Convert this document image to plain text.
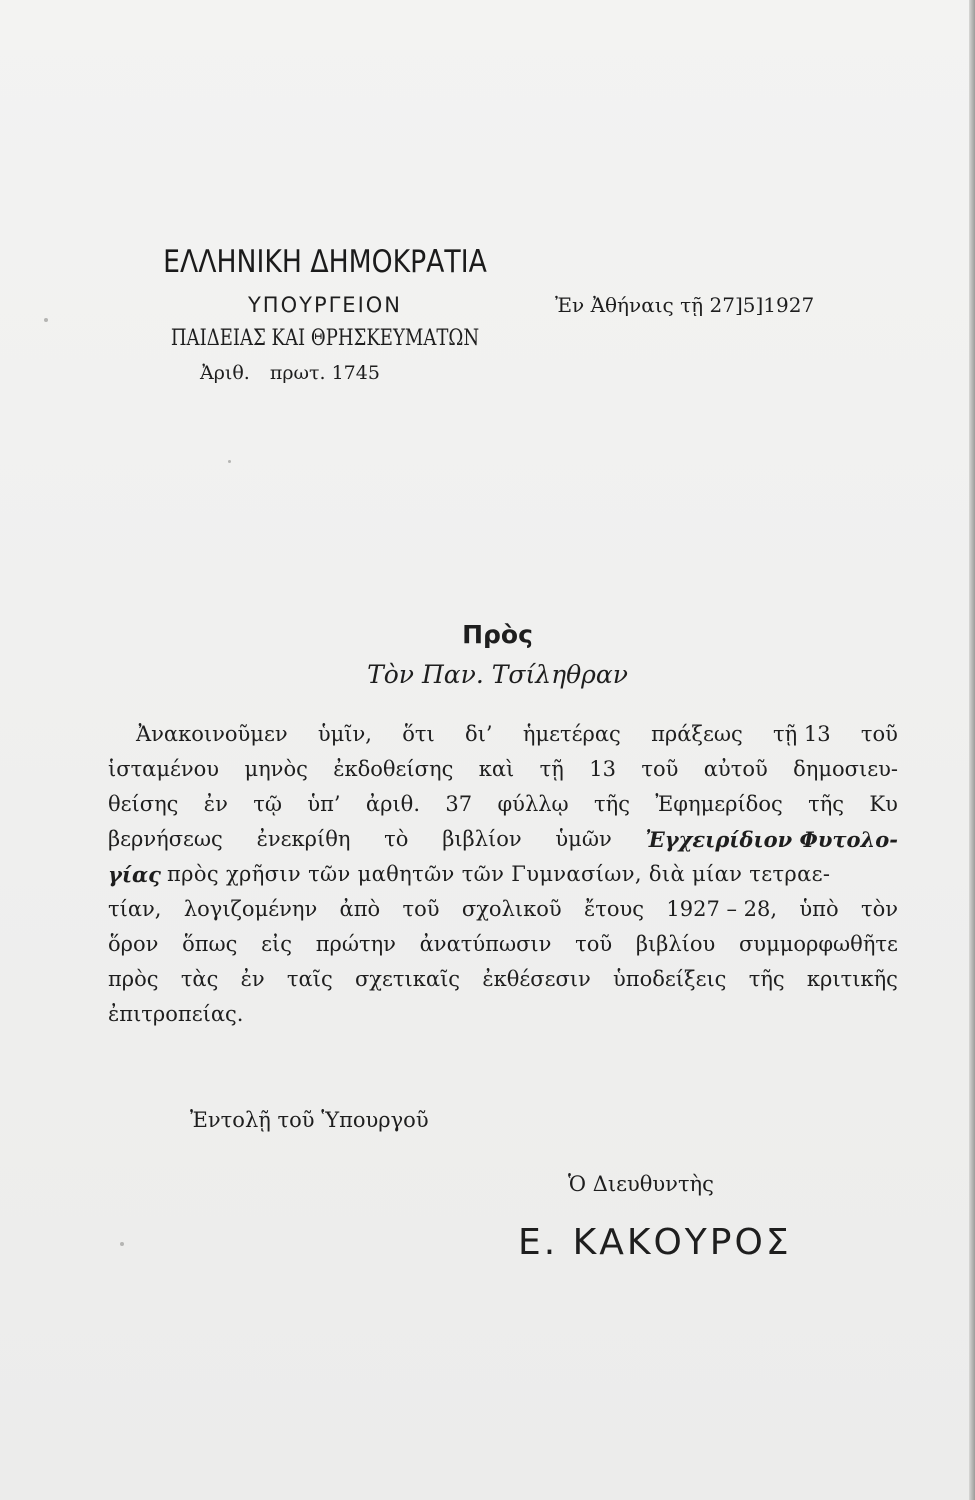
ΕΛΛΗΝΙΚΗ ΔΗΜΟΚΡΑΤΙΑ
ΥΠΟΥΡΓΕΙΟΝ
ΠΑΙΔΕΙΑΣ ΚΑΙ ΘΡΗΣΚΕΥΜΑΤΩΝ
Ἀριθ. πρωτ. 1745
Ἐν Ἀθήναις τῇ 27]5]1927
Πρὸς
Τὸν Παν. Τσίληθραν
Ἀνακοινοῦμεν ὑμῖν, ὅτι δι’ ἡμετέρας πράξεως τῇ 13 τοῦ
ἱσταμένου μηνὸς ἐκδοθείσης καὶ τῇ 13 τοῦ αὐτοῦ δημοσιευ-
θείσης ἐν τῷ ὑπ’ ἀριθ. 37 φύλλῳ τῆς Ἐφημερίδος τῆς Κυ
βερνήσεως ἐνεκρίθη τὸ βιβλίον ὑμῶν Ἐγχειρίδιον Φυτολο-
γίας πρὸς χρῆσιν τῶν μαθητῶν τῶν Γυμνασίων, διὰ μίαν τετραε-
τίαν, λογιζομένην ἀπὸ τοῦ σχολικοῦ ἔτους 1927 – 28, ὑπὸ τὸν
ὅρον ὅπως εἰς πρώτην ἀνατύπωσιν τοῦ βιβλίου συμμορφωθῆτε
πρὸς τὰς ἐν ταῖς σχετικαῖς ἐκθέσεσιν ὑποδείξεις τῆς κριτικῆς
ἐπιτροπείας.
Ἐντολῇ τοῦ Ὑπουργοῦ
Ὁ Διευθυντὴς
Ε. ΚΑΚΟΥΡΟΣ
